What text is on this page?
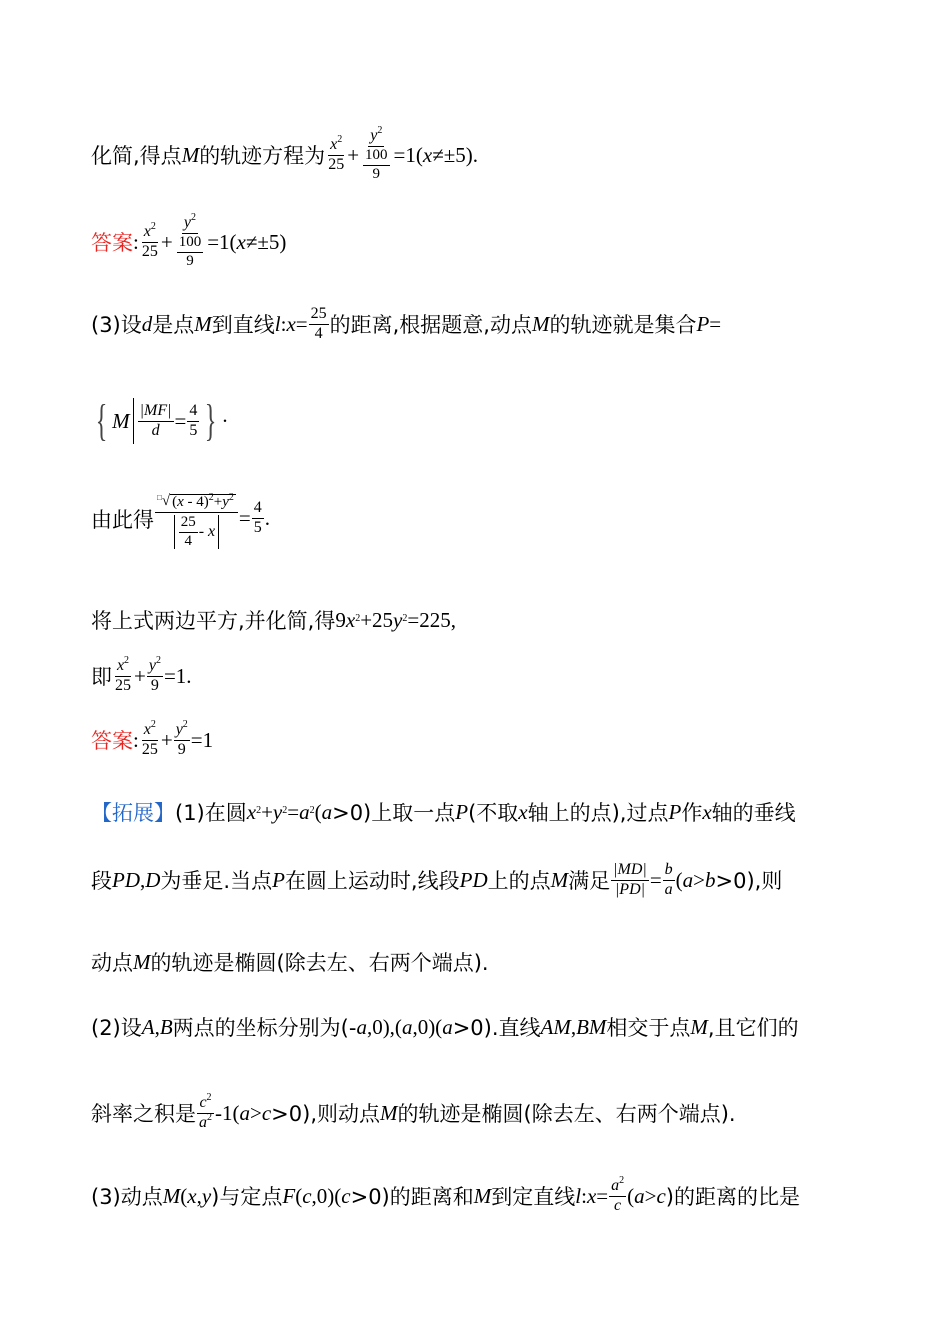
化简,得点 M 的轨迹方程为 $\frac{x^2}{25} + \frac{y^2}{\frac{100}{9}} =1$( x ≠±5).
答案 : $\frac{x^2}{25} + \frac{y^2}{\frac{100}{9}} =1$( x ≠±5)
(3)设 d 是点 M 到直线 l : $x = \frac{25}{4}$ 的距离,根据题意,动点 M 的轨迹就是集合 P =
{ M $\frac{|MF|}{d} = \frac{4}{5}$ } ·
由此得 $\frac{□ √ (x - 4)^2+y^2}{\frac{25}{4} - x} = \frac{4}{5}$ .
将上式两边平方,并化简,得 9 $x^2 +25$ $y^2 =225$,
即 $\frac{x^2}{25} + \frac{y^2}{9} =1$.
答案 : $\frac{x^2}{25} + \frac{y^2}{9} =1$
【拓展】 (1)在圆 $x^2 + y^2 = a^2$ ( a >0)上取一点 P (不取 x 轴上的点),过点 P 作 x 轴的垂线
段 PD , D 为垂足.当点 P 在圆上运动时,线段 PD 上的点 M 满足 $\frac{|MD|}{|PD|} = \frac{b}{a}$ ( a > b >0),则
动点 M 的轨迹是椭圆(除去左、右两个端点).
(2)设 A , B 两点的坐标分别为(- a ,0),( a ,0)( a >0).直线 AM , BM 相交于点 M ,且它们的
斜率之积是 $\frac{c^2}{a^2} -1$( a > c >0),则动点 M 的轨迹是椭圆(除去左、右两个端点).
(3)动点 M ( x , y )与定点 F ( c ,0)( c >0)的距离和 M 到定直线 l : $x = \frac{a^2}{c}$ ( a > c )的距离的比是
